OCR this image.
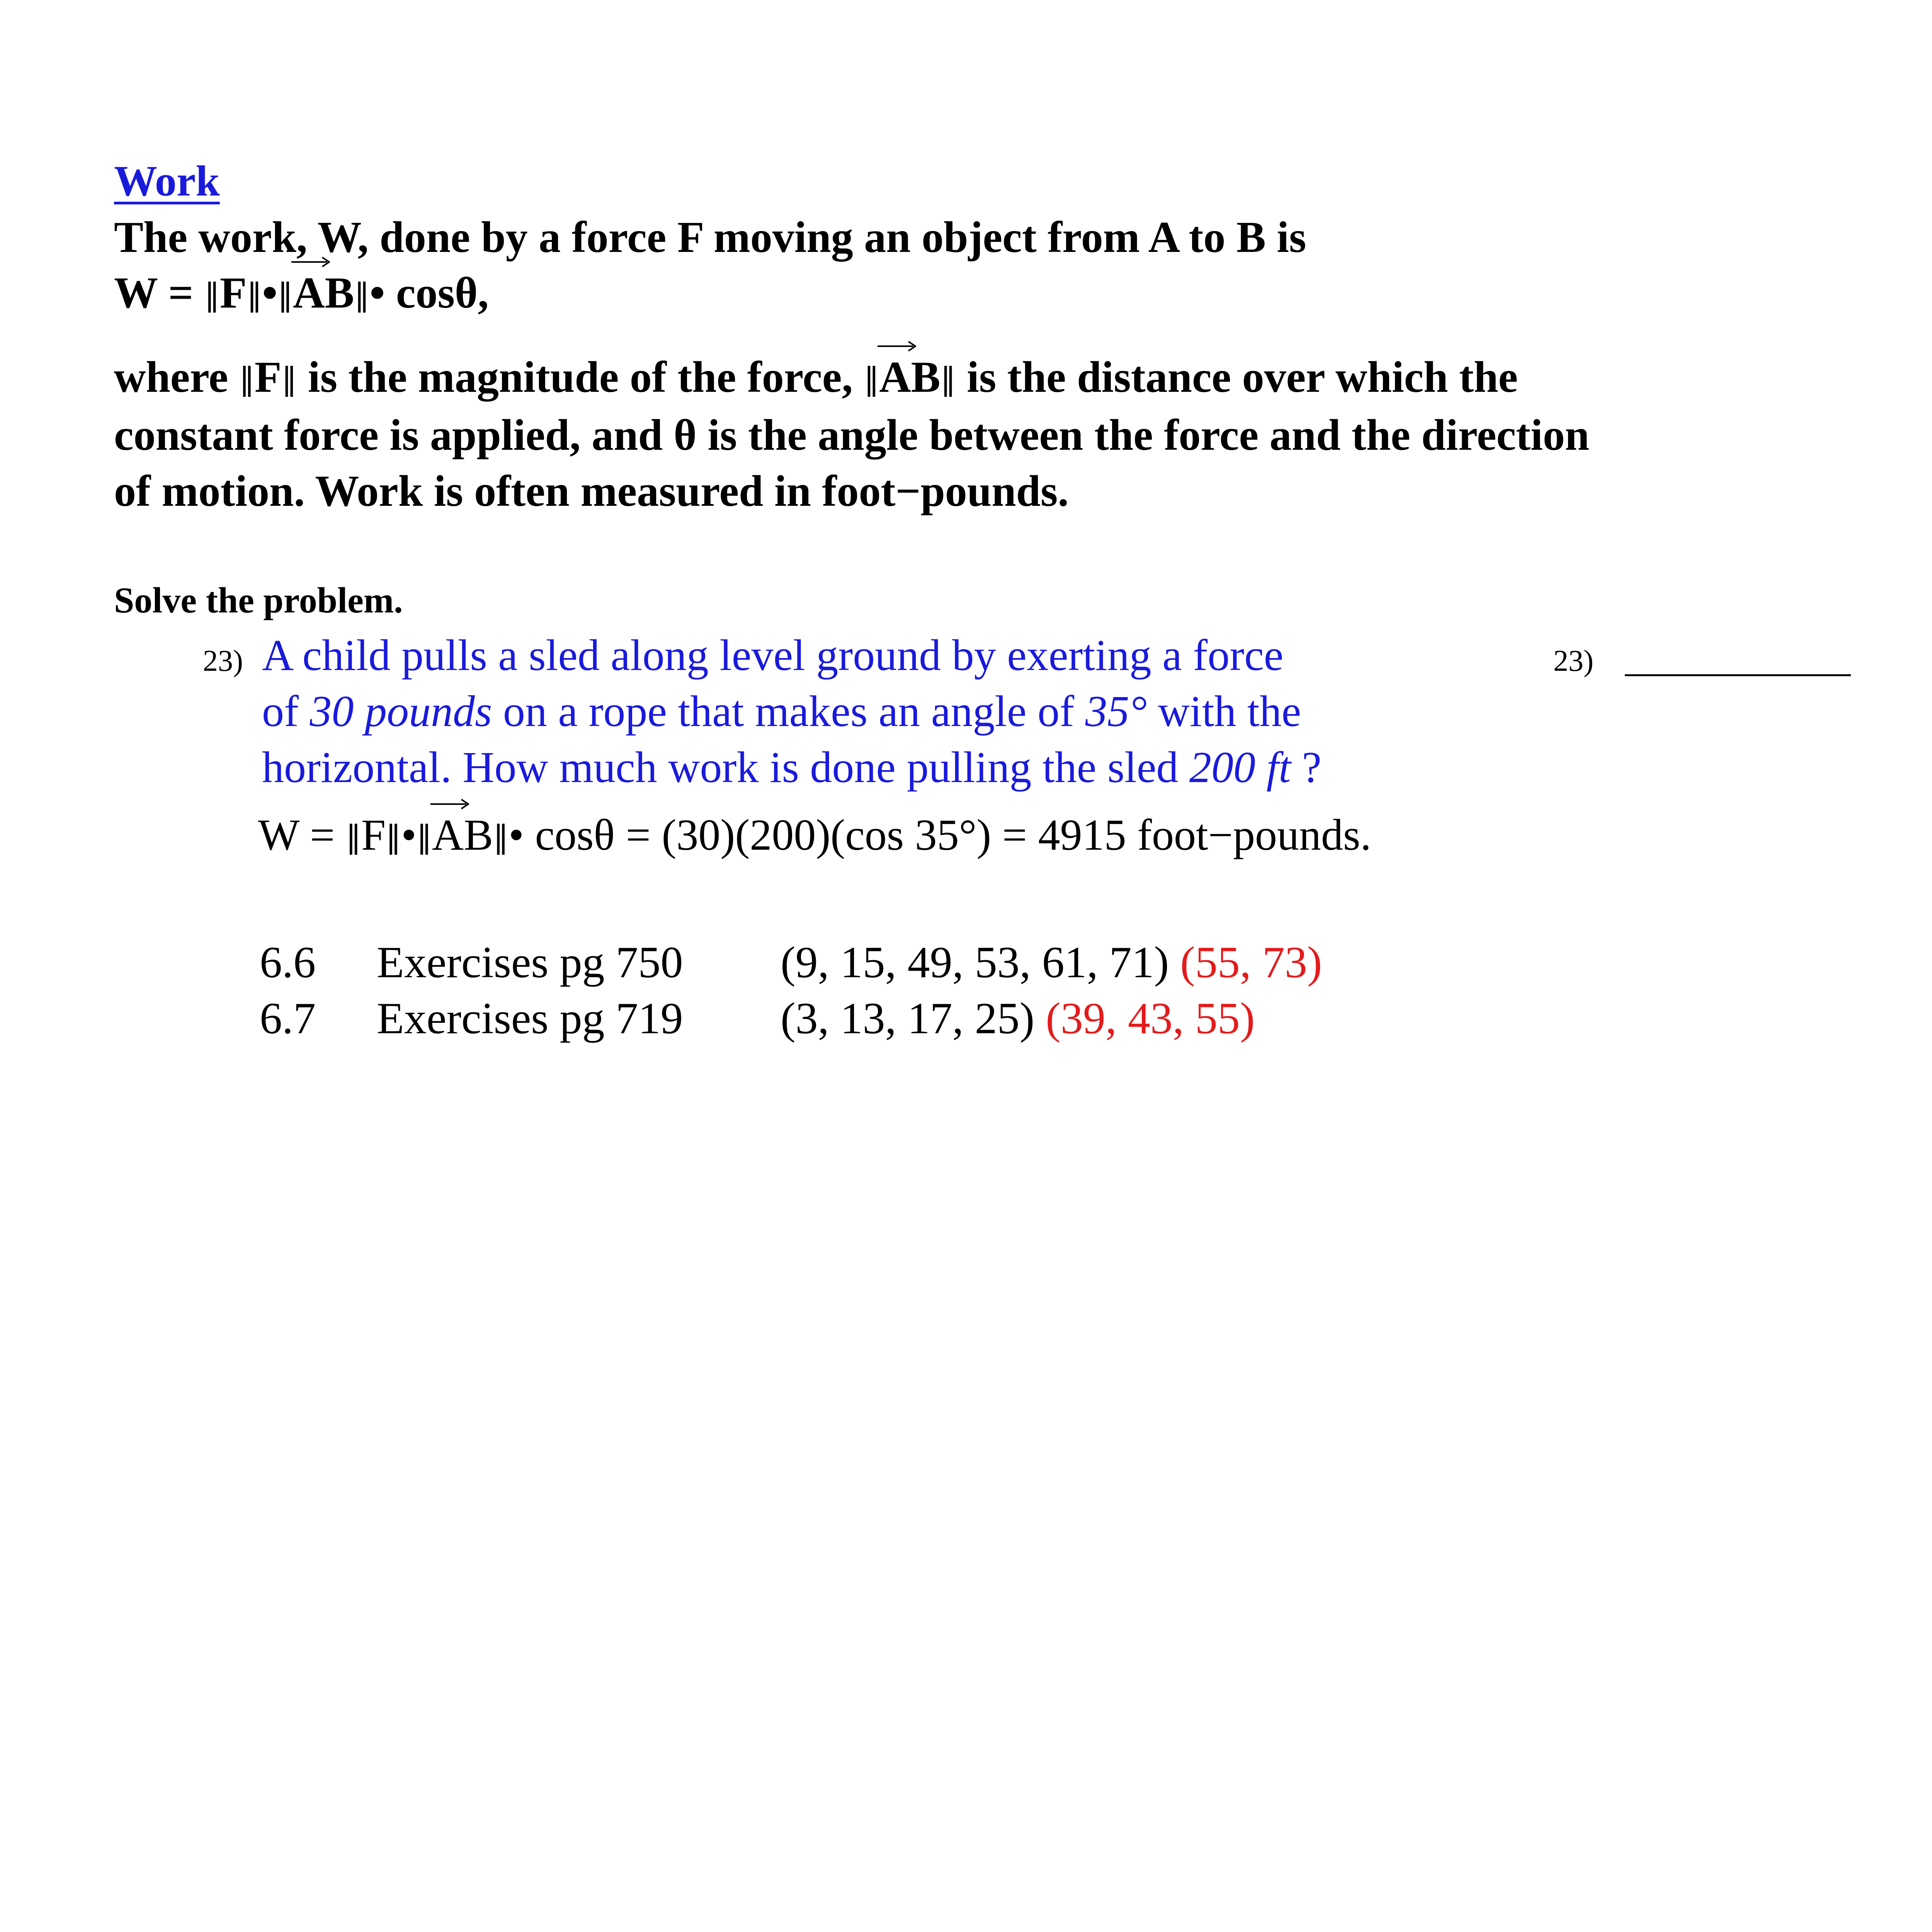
Work
The work, W, done by a force F moving an object from A to B is
W = ‖F‖•‖
AB‖• cosθ,
where ‖F‖ is the magnitude of the force, ‖
AB‖ is the distance over which the
constant force is applied, and θ is the angle between the force and the direction
of motion. Work is often measured in foot−pounds.
Solve the problem.
23) A child pulls a sled along level ground by exerting a force
of 30 pounds on a rope that makes an angle of 35° with the
horizontal. How much work is done pulling the sled 200 ft ?
W = ‖F‖•‖
AB‖• cosθ = (30)(200)(cos 35°) = 4915 foot−pounds.
23)
6.6 Exercises pg 750 (9, 15, 49, 53, 61, 71) (55, 73)
6.7 Exercises pg 719 (3, 13, 17, 25) (39, 43, 55)
